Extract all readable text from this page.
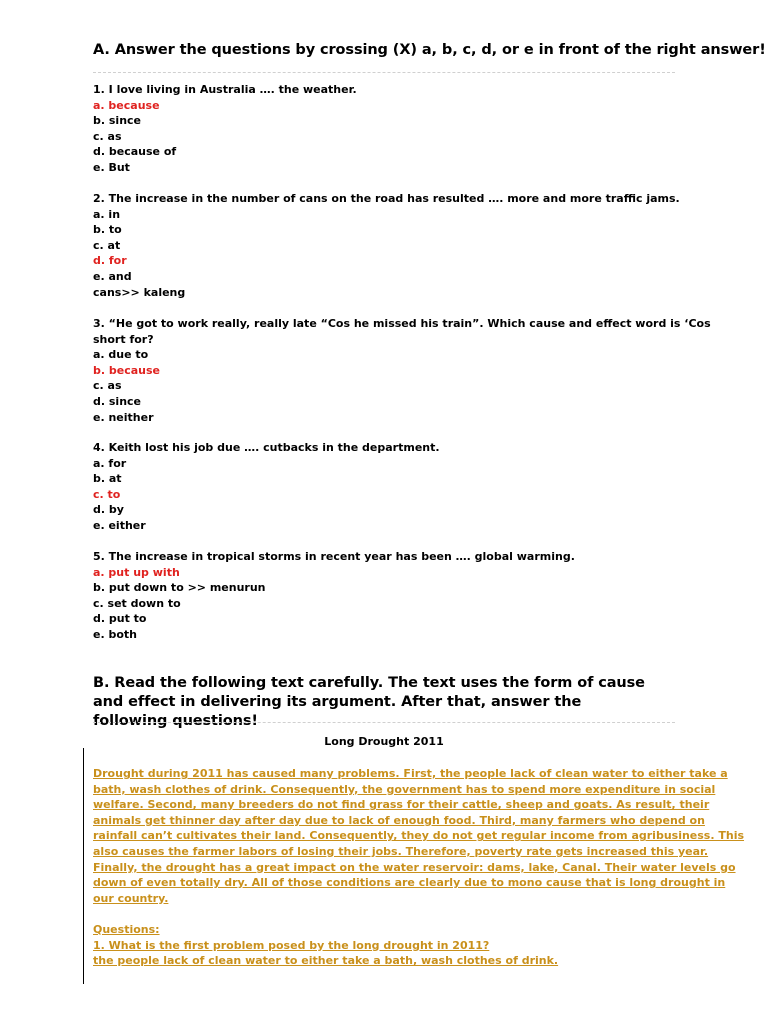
A. Answer the questions by crossing (X) a, b, c, d, or e in front of the right answer!
1. I love living in Australia …. the weather.
a. because
b. since
c. as
d. because of
e. But
2. The increase in the number of cans on the road has resulted …. more and more traffic jams.
a. in
b. to
c. at
d. for
e. and
cans>> kaleng
3. “He got to work really, really late “Cos he missed his train”. Which cause and effect word is ‘Cos
short for?
a. due to
b. because
c. as
d. since
e. neither
4. Keith lost his job due …. cutbacks in the department.
a. for
b. at
c. to
d. by
e. either
5. The increase in tropical storms in recent year has been …. global warming.
a. put up with
b. put down to >> menurun
c. set down to
d. put to
e. both
B. Read the following text carefully. The text uses the form of cause and effect in delivering its argument. After that, answer the following questions!
Long Drought 2011
Drought during 2011 has caused many problems. First, the people lack of clean water to either take a
bath, wash clothes of drink. Consequently, the government has to spend more expenditure in social
welfare. Second, many breeders do not find grass for their cattle, sheep and goats. As result, their
animals get thinner day after day due to lack of enough food. Third, many farmers who depend on
rainfall can’t cultivates their land. Consequently, they do not get regular income from agribusiness. This
also causes the farmer labors of losing their jobs. Therefore, poverty rate gets increased this year.
Finally, the drought has a great impact on the water reservoir: dams, lake, Canal. Their water levels go
down of even totally dry. All of those conditions are clearly due to mono cause that is long drought in
our country.
Questions:
1. What is the first problem posed by the long drought in 2011?
the people lack of clean water to either take a bath, wash clothes of drink.
